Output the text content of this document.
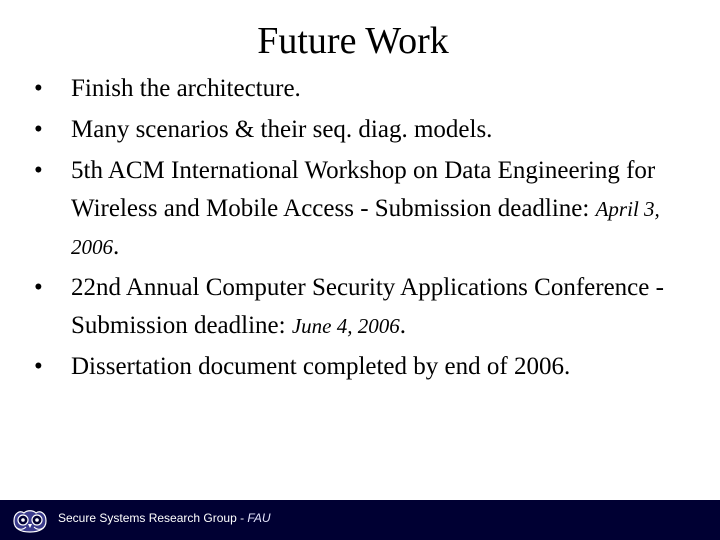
Future Work
• Finish the architecture.
• Many scenarios & their seq. diag. models.
• 5th ACM International Workshop on Data Engineering for Wireless and Mobile Access - Submission deadline: April 3, 2006.
• 22nd Annual Computer Security Applications Conference - Submission deadline: June 4, 2006.
• Dissertation document completed by end of 2006.
Secure Systems Research Group - FAU
